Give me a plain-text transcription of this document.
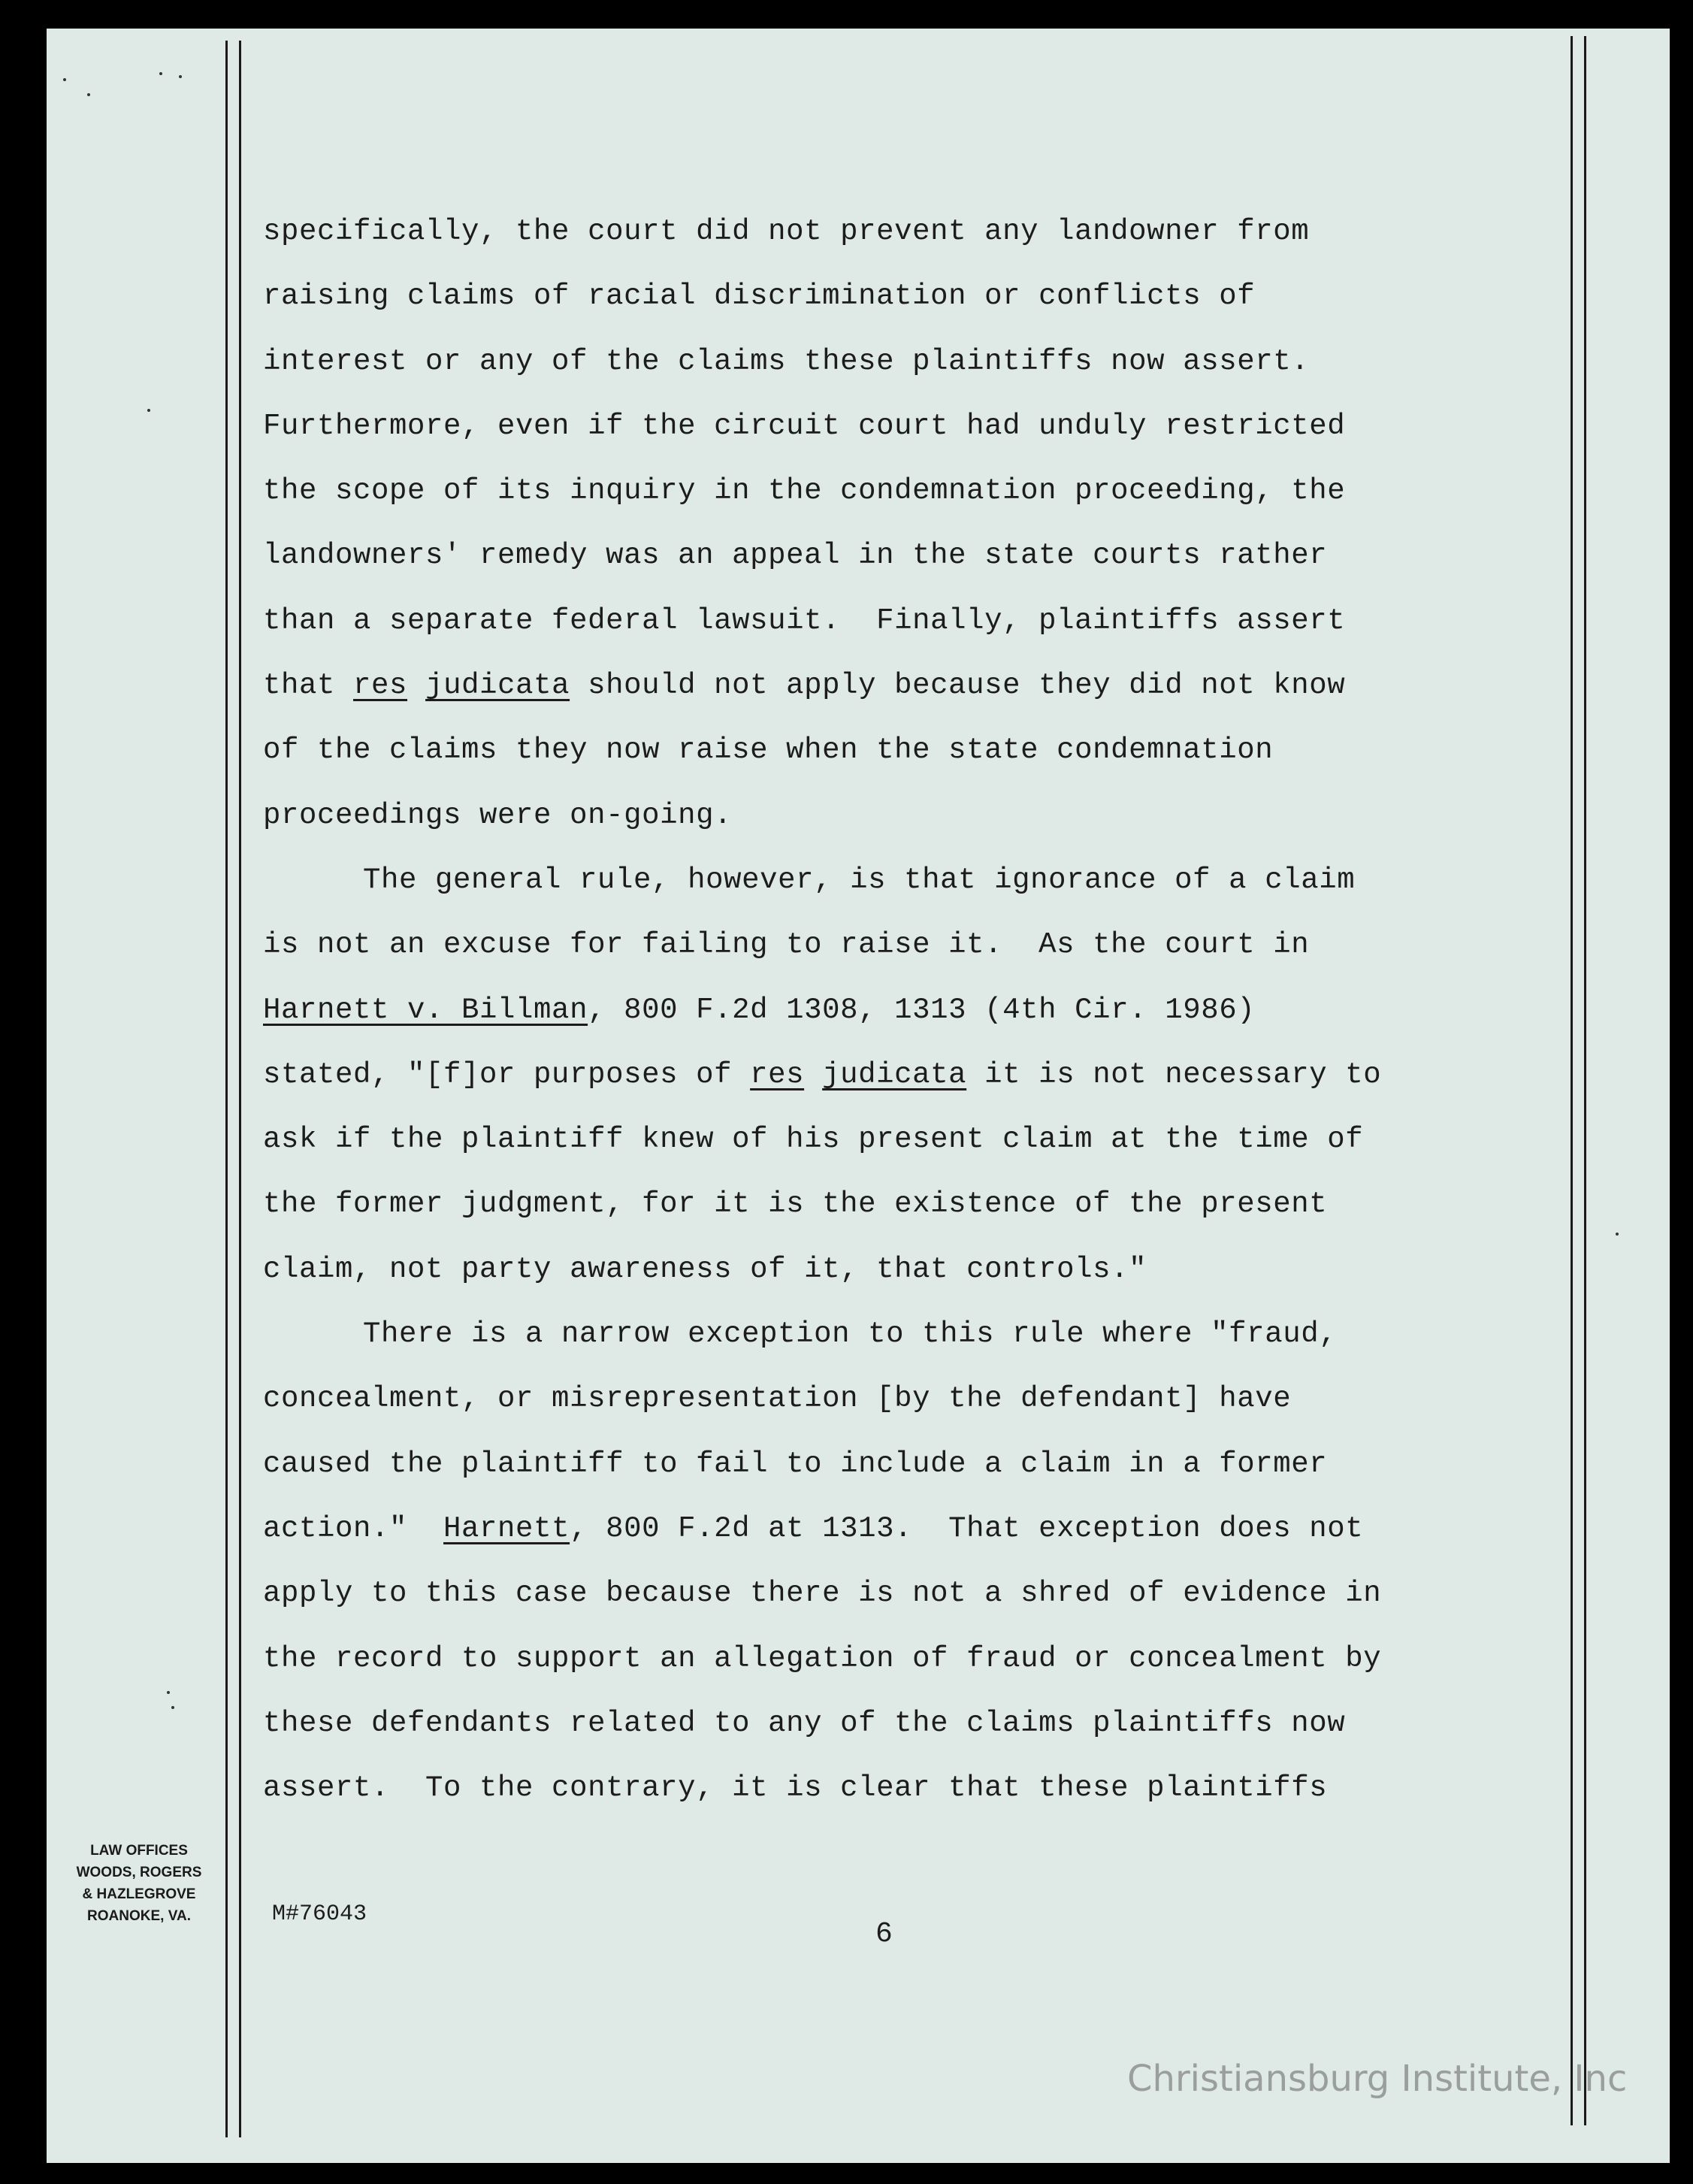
specifically, the court did not prevent any landowner from
raising claims of racial discrimination or conflicts of
interest or any of the claims these plaintiffs now assert.
Furthermore, even if the circuit court had unduly restricted
the scope of its inquiry in the condemnation proceeding, the
landowners' remedy was an appeal in the state courts rather
than a separate federal lawsuit.  Finally, plaintiffs assert
that res judicata should not apply because they did not know
of the claims they now raise when the state condemnation
proceedings were on-going.
The general rule, however, is that ignorance of a claim
is not an excuse for failing to raise it.  As the court in
Harnett v. Billman, 800 F.2d 1308, 1313 (4th Cir. 1986)
stated, "[f]or purposes of res judicata it is not necessary to
ask if the plaintiff knew of his present claim at the time of
the former judgment, for it is the existence of the present
claim, not party awareness of it, that controls."
There is a narrow exception to this rule where "fraud,
concealment, or misrepresentation [by the defendant] have
caused the plaintiff to fail to include a claim in a former
action."  Harnett, 800 F.2d at 1313.  That exception does not
apply to this case because there is not a shred of evidence in
the record to support an allegation of fraud or concealment by
these defendants related to any of the claims plaintiffs now
assert.  To the contrary, it is clear that these plaintiffs
LAW OFFICES
WOODS, ROGERS
& HAZLEGROVE
ROANOKE, VA.	M#76043
6
Christiansburg Institute, Inc
